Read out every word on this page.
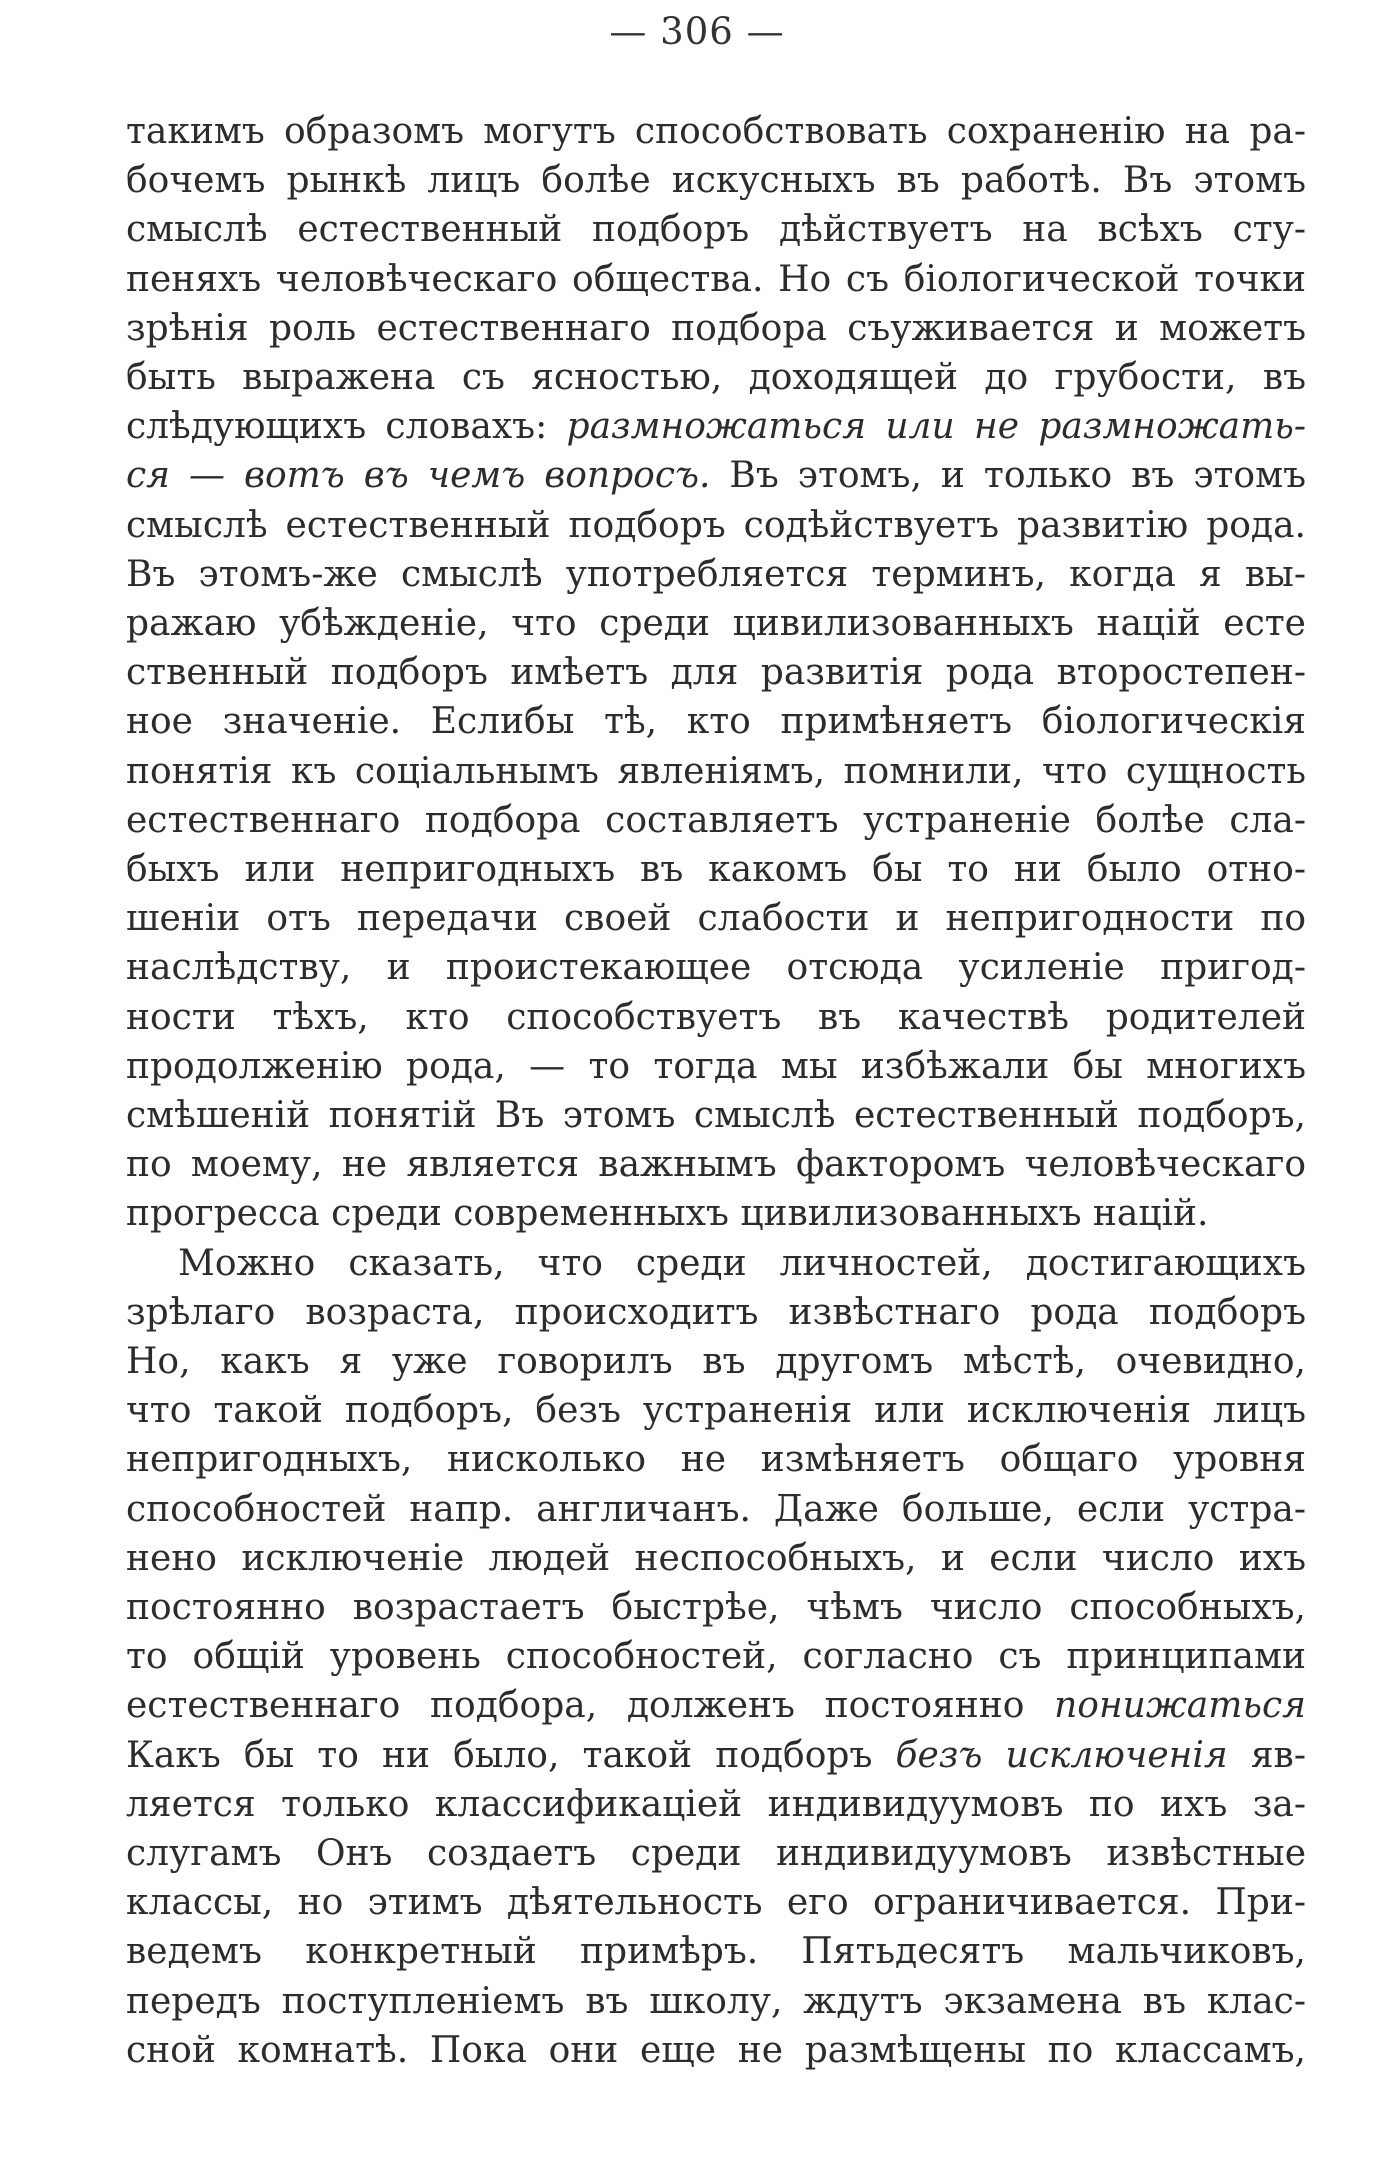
— 306 —
такимъ образомъ могутъ способствовать сохраненію на ра-
бочемъ рынкѣ лицъ болѣе искусныхъ въ работѣ. Въ этомъ
смыслѣ естественный подборъ дѣйствуетъ на всѣхъ сту-
пеняхъ человѣческаго общества. Но съ біологической точки
зрѣнія роль естественнаго подбора съуживается и можетъ
быть выражена съ ясностью, доходящей до грубости, въ
слѣдующихъ словахъ: размножаться или не размножать-
ся — вотъ въ чемъ вопросъ. Въ этомъ, и только въ этомъ
смыслѣ естественный подборъ содѣйствуетъ развитію рода.
Въ этомъ-же смыслѣ употребляется терминъ, когда я вы-
ражаю убѣжденіе, что среди цивилизованныхъ націй есте
ственный подборъ имѣетъ для развитія рода второстепен-
ное значеніе. Еслибы тѣ, кто примѣняетъ біологическія
понятія къ соціальнымъ явленіямъ, помнили, что сущность
естественнаго подбора составляетъ устраненіе болѣе сла-
быхъ или непригодныхъ въ какомъ бы то ни было отно-
шеніи отъ передачи своей слабости и непригодности по
наслѣдству, и проистекающее отсюда усиленіе пригод-
ности тѣхъ, кто способствуетъ въ качествѣ родителей
продолженію рода, — то тогда мы избѣжали бы многихъ
смѣшеній понятій Въ этомъ смыслѣ естественный подборъ,
по моему, не является важнымъ факторомъ человѣческаго
прогресса среди современныхъ цивилизованныхъ націй.
Можно сказать, что среди личностей, достигающихъ
зрѣлаго возраста, происходитъ извѣстнаго рода подборъ
Но, какъ я уже говорилъ въ другомъ мѣстѣ, очевидно,
что такой подборъ, безъ устраненія или исключенія лицъ
непригодныхъ, нисколько не измѣняетъ общаго уровня
способностей напр. англичанъ. Даже больше, если устра-
нено исключеніе людей неспособныхъ, и если число ихъ
постоянно возрастаетъ быстрѣе, чѣмъ число способныхъ,
то общій уровень способностей, согласно съ принципами
естественнаго подбора, долженъ постоянно понижаться
Какъ бы то ни было, такой подборъ безъ исключенія яв-
ляется только классификаціей индивидуумовъ по ихъ за-
слугамъ Онъ создаетъ среди индивидуумовъ извѣстные
классы, но этимъ дѣятельность его ограничивается. При-
ведемъ конкретный примѣръ. Пятьдесятъ мальчиковъ,
передъ поступленіемъ въ школу, ждутъ экзамена въ клас-
сной комнатѣ. Пока они еще не размѣщены по классамъ,
